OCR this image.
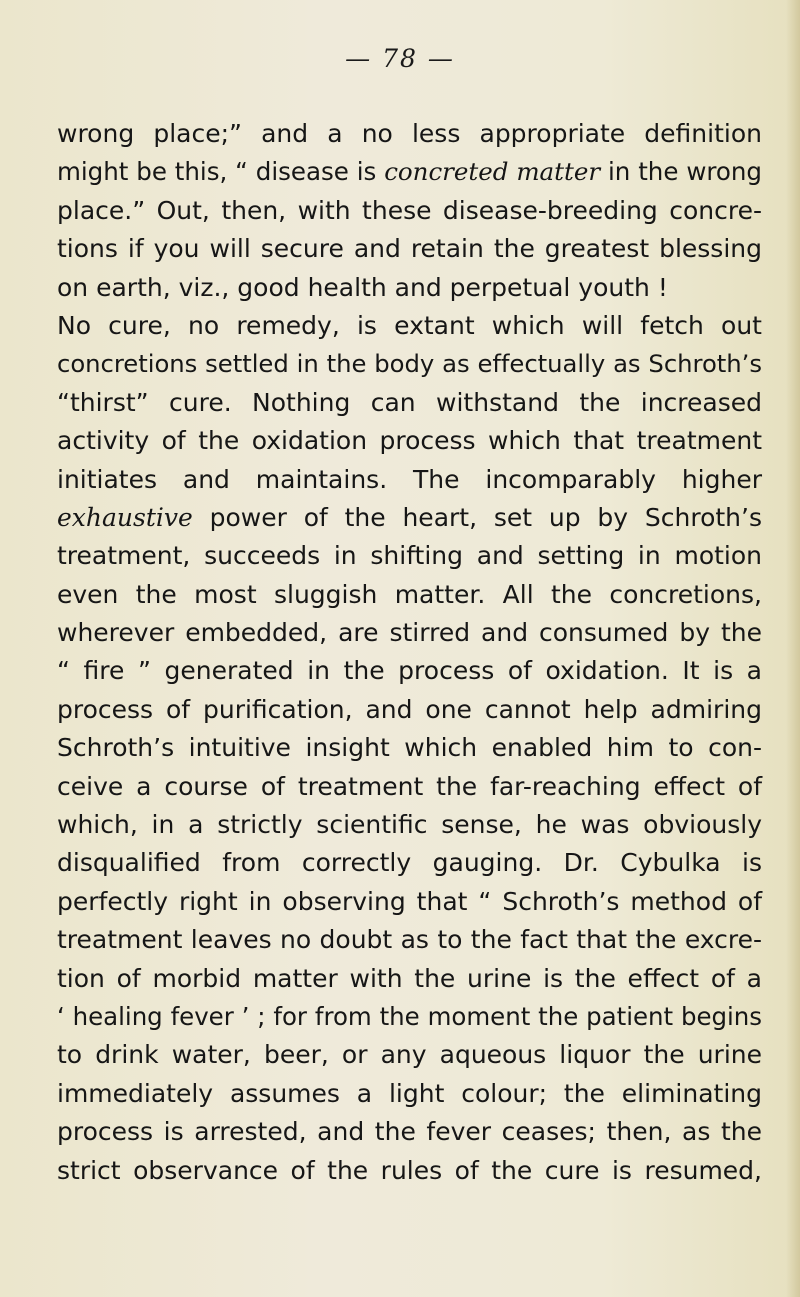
— 78 —
wrong place;” and a no less appropriate definition
might be this, “ disease is concreted matter in the wrong
place.” Out, then, with these disease-breeding concre-
tions if you will secure and retain the greatest blessing
on earth, viz., good health and perpetual youth !
No cure, no remedy, is extant which will fetch out
concretions settled in the body as effectually as Schroth’s
“thirst” cure. Nothing can withstand the increased
activity of the oxidation process which that treatment
initiates and maintains. The incomparably higher
exhaustive power of the heart, set up by Schroth’s
treatment, succeeds in shifting and setting in motion
even the most sluggish matter. All the concretions,
wherever embedded, are stirred and consumed by the
“ fire ” generated in the process of oxidation. It is a
process of purification, and one cannot help admiring
Schroth’s intuitive insight which enabled him to con-
ceive a course of treatment the far-reaching effect of
which, in a strictly scientific sense, he was obviously
disqualified from correctly gauging. Dr. Cybulka is
perfectly right in observing that “ Schroth’s method of
treatment leaves no doubt as to the fact that the excre-
tion of morbid matter with the urine is the effect of a
‘ healing fever ’ ; for from the moment the patient begins
to drink water, beer, or any aqueous liquor the urine
immediately assumes a light colour; the eliminating
process is arrested, and the fever ceases; then, as the
strict observance of the rules of the cure is resumed,
